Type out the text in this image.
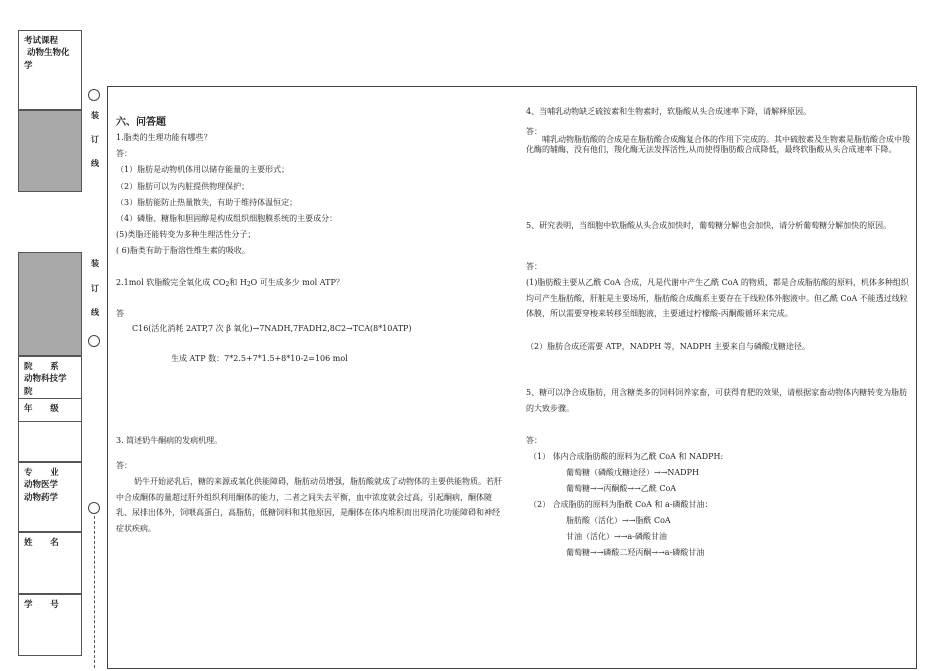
考试课程
动物生物化
学
院      系
动物科技学
院
年      级
专      业
动物医学
动物药学
姓      名
学      号
装
订
线
装
订
线
六、问答题
1.脂类的生理功能有哪些？
答：
（1）脂肪是动物机体用以储存能量的主要形式；
（2）脂肪可以为内脏提供物理保护；
（3）脂肪能防止热量散失，有助于维持体温恒定；
（4）磷脂、糖脂和胆固醇是构成组织细胞膜系统的主要成分：
(5)类脂还能转变为多种生理活性分子；
( 6)脂类有助于脂溶性维生素的吸收。
2.1mol 软脂酸完全氧化成 $CO_2$和 $H_2O$ 可生成多少 mol ATP？
答
C16(活化消耗 2ATP,7 次 β 氧化)→7NADH,7FADH2,8C2→TCA(8*10ATP)
生成 ATP 数：7*2.5+7*1.5+8*10-2=106 mol
3. 简述奶牛酮病的发病机理。
答：
奶牛开始泌乳后，糖的来源或氧化供能障碍，脂肪动员增强，脂肪酸就成了动物体的主要供能物质。若肝中合成酮体的量超过肝外组织利用酮体的能力，二者之间失去平衡，血中浓度就会过高，引起酮病，酮体随乳、尿排出体外，饲喂高蛋白，高脂肪，低糖饲料和其他原因，是酮体在体内堆积而出现消化功能障碍和神经症状疾病。
4、当哺乳动物缺乏硫铵素和生物素时，软脂酸从头合成速率下降，请解释原因。
答：
哺乳动物脂肪酸的合成是在脂肪酸合成酶复合体的作用下完成的。其中硫胺素及生物素是脂肪酸合成中羧化酶的辅酶，没有他们，羧化酶无法发挥活性,从而使得脂肪酸合成降低，最终软脂酸从头合成速率下降。
5、研究表明，当细胞中软脂酸从头合成加快时，葡萄糖分解也会加快，请分析葡萄糖分解加快的原因。
答：
(1)脂肪酸主要从乙酰 CoA 合成，凡是代谢中产生乙酰 CoA 的物质，都是合成脂肪酸的原料，机体多种组织均可产生脂肪酸，肝脏是主要场所，脂肪酸合成酶系主要存在于线粒体外胞液中。但乙酰 CoA 不能透过线粒体膜，所以需要穿梭来转移至细胞液，主要通过柠檬酸-丙酮酸循环来完成。
（2）脂肪合成还需要 ATP，NADPH 等，NADPH 主要来自与磷酸戊糖途径。
5、糖可以净合成脂肪，用含糖类多的饲料饲养家畜，可获得育肥的效果，请根据家畜动物体内糖转变为脂肪的大致步骤。
答：
（1） 体内合成脂肪酸的原料为乙酰 CoA 和 NADPH:
葡萄糖（磷酸戊糖途径）→→NADPH
葡萄糖→→丙酮酸→→乙酰 CoA
（2） 合成脂肪的原料为脂酰 CoA 和 a-磷酸甘油：
脂肪酸（活化）→→脂酰 CoA
甘油（活化）→→a-磷酸甘油
葡萄糖→→磷酸二羟丙酮→→a-磷酸甘油
